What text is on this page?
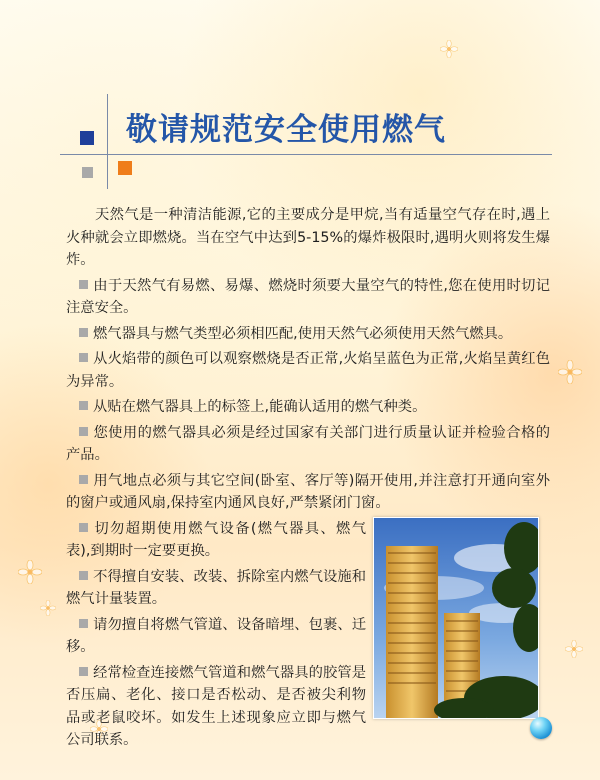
敬请规范安全使用燃气

天然气是一种清洁能源,它的主要成分是甲烷,当有适量空气存在时,遇上火种就会立即燃烧。当在空气中达到5-15%的爆炸极限时,遇明火则将发生爆炸。

由于天然气有易燃、易爆、燃烧时须要大量空气的特性,您在使用时切记注意安全。

燃气器具与燃气类型必须相匹配,使用天然气必须使用天然气燃具。

从火焰带的颜色可以观察燃烧是否正常,火焰呈蓝色为正常,火焰呈黄红色为异常。

从贴在燃气器具上的标签上,能确认适用的燃气种类。

您使用的燃气器具必须是经过国家有关部门进行质量认证并检验合格的产品。

用气地点必须与其它空间(卧室、客厅等)隔开使用,并注意打开通向室外的窗户或通风扇,保持室内通风良好,严禁紧闭门窗。

切勿超期使用燃气设备(燃气器具、燃气表),到期时一定要更换。

不得擅自安装、改装、拆除室内燃气设施和燃气计量装置。

请勿擅自将燃气管道、设备暗埋、包裹、迁移。

经常检查连接燃气管道和燃气器具的胶管是否压扁、老化、接口是否松动、是否被尖利物品或老鼠咬坏。如发生上述现象应立即与燃气公司联系。
